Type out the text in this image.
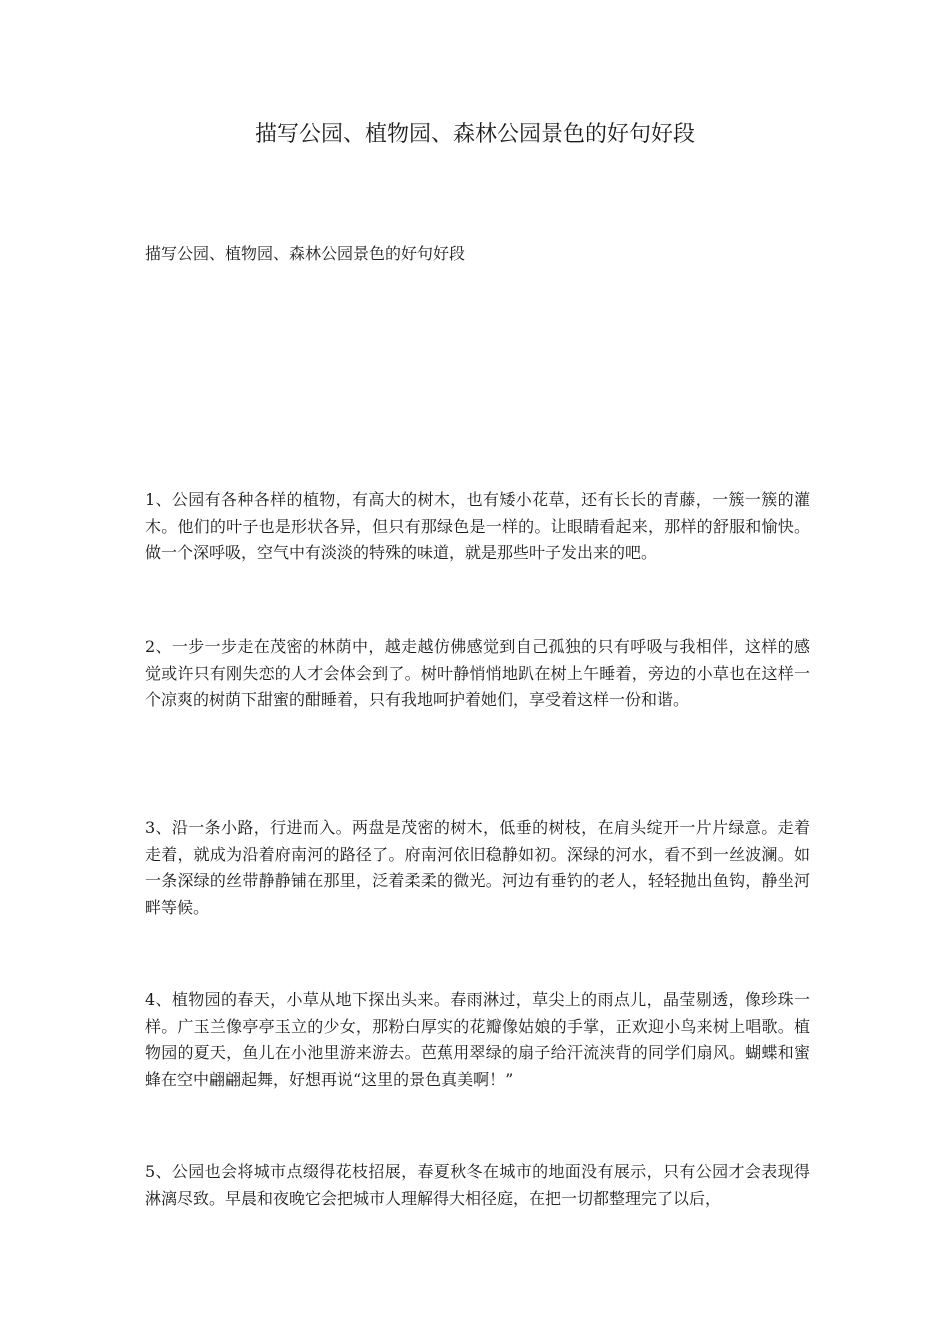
描写公园、植物园、森林公园景色的好句好段

描写公园、植物园、森林公园景色的好句好段

1、公园有各种各样的植物，有高大的树木，也有矮小花草，还有长长的青藤，一簇一簇的灌木。他们的叶子也是形状各异，但只有那绿色是一样的。让眼睛看起来，那样的舒服和愉快。做一个深呼吸，空气中有淡淡的特殊的味道，就是那些叶子发出来的吧。

2、一步一步走在茂密的林荫中，越走越仿佛感觉到自己孤独的只有呼吸与我相伴，这样的感觉或许只有刚失恋的人才会体会到了。树叶静悄悄地趴在树上午睡着，旁边的小草也在这样一个凉爽的树荫下甜蜜的酣睡着，只有我地呵护着她们，享受着这样一份和谐。

3、沿一条小路，行进而入。两盘是茂密的树木，低垂的树枝，在肩头绽开一片片绿意。走着走着，就成为沿着府南河的路径了。府南河依旧稳静如初。深绿的河水，看不到一丝波澜。如一条深绿的丝带静静铺在那里，泛着柔柔的微光。河边有垂钓的老人，轻轻抛出鱼钩，静坐河畔等候。

4、植物园的春天，小草从地下探出头来。春雨淋过，草尖上的雨点儿，晶莹剔透，像珍珠一样。广玉兰像亭亭玉立的少女，那粉白厚实的花瓣像姑娘的手掌，正欢迎小鸟来树上唱歌。植物园的夏天，鱼儿在小池里游来游去。芭蕉用翠绿的扇子给汗流浃背的同学们扇风。蝴蝶和蜜蜂在空中翩翩起舞，好想再说“这里的景色真美啊！”

5、公园也会将城市点缀得花枝招展，春夏秋冬在城市的地面没有展示，只有公园才会表现得淋漓尽致。早晨和夜晚它会把城市人理解得大相径庭，在把一切都整理完了以后，
